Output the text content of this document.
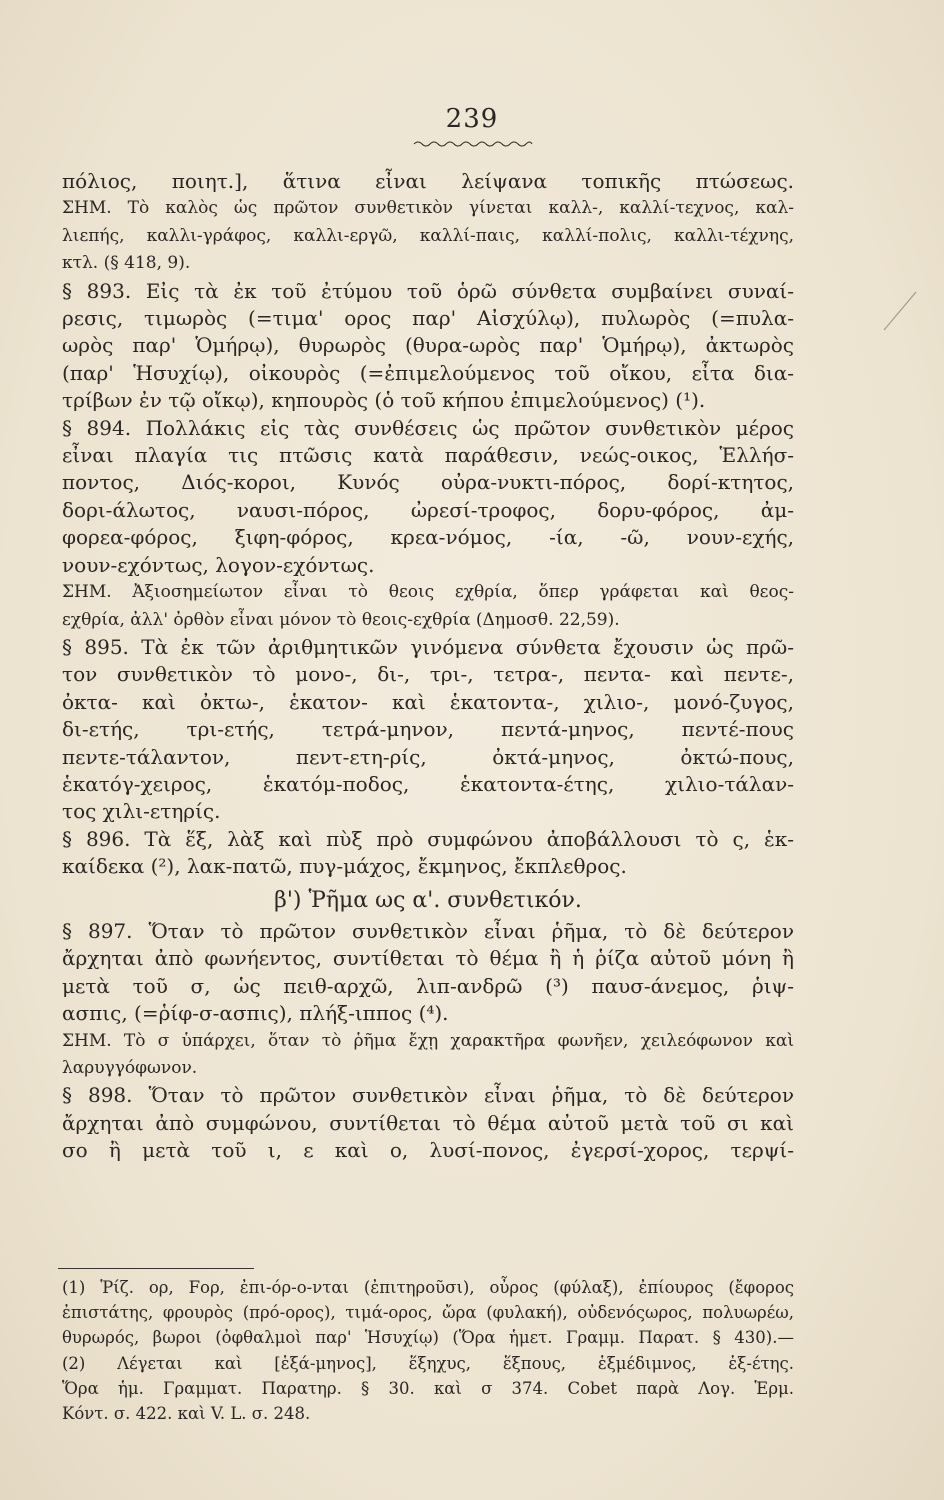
239

πόλιος, ποιητ.], ἅτινα εἶναι λείψανα τοπικῆς πτώσεως.
ΣΗΜ. Τὸ καλὸς ὡς πρῶτον συνθετικὸν γίνεται καλλ-, καλλί-τεχνος, καλ-
λιεπής, καλλι-γράφος, καλλι-εργῶ, καλλί-παις, καλλί-πολις, καλλι-τέχνης,
κτλ. (§ 418, 9).

§ 893. Εἰς τὰ ἐκ τοῦ ἐτύμου τοῦ ὁρῶ σύνθετα συμβαίνει συναί-
ρεσις, τιμωρὸς (=τιμα' ορος παρ' Αἰσχύλῳ), πυλωρὸς (=πυλα-
ωρὸς παρ' Ὁμήρῳ), θυρωρὸς (θυρα-ωρὸς παρ' Ὁμήρῳ), ἀκτωρὸς
(παρ' Ἡσυχίῳ), οἰκουρὸς (=ἐπιμελούμενος τοῦ οἴκου, εἶτα δια-
τρίβων ἐν τῷ οἴκῳ), κηπουρὸς (ὁ τοῦ κήπου ἐπιμελούμενος) (¹).

§ 894. Πολλάκις εἰς τὰς συνθέσεις ὡς πρῶτον συνθετικὸν μέρος
εἶναι πλαγία τις πτῶσις κατὰ παράθεσιν, νεώς-οικος, Ἑλλήσ-
ποντος, Διός-κοροι, Κυνός οὐρα-νυκτι-πόρος, δορί-κτητος,
δορι-άλωτος, ναυσι-πόρος, ὠρεσί-τροφος, δορυ-φόρος, ἀμ-
φορεα-φόρος, ξιφη-φόρος, κρεα-νόμος, -ία, -ῶ, νουν-εχής,
νουν-εχόντως, λογον-εχόντως.

ΣΗΜ. Ἀξιοσημείωτον εἶναι τὸ θεοις εχθρία, ὅπερ γράφεται καὶ θεος-
εχθρία, ἀλλ' ὀρθὸν εἶναι μόνον τὸ θεοις-εχθρία (Δημοσθ. 22,59).

§ 895. Τὰ ἐκ τῶν ἀριθμητικῶν γινόμενα σύνθετα ἔχουσιν ὡς πρῶ-
τον συνθετικὸν τὸ μονο-, δι-, τρι-, τετρα-, πεντα- καὶ πεντε-,
ὀκτα- καὶ ὀκτω-, ἑκατον- καὶ ἑκατοντα-, χιλιο-, μονό-ζυγος,
δι-ετής, τρι-ετής, τετρά-μηνον, πεντά-μηνος, πεντέ-πους
πεντε-τάλαντον, πεντ-ετη-ρίς, ὀκτά-μηνος, ὀκτώ-πους,
ἑκατόγ-χειρος, ἑκατόμ-ποδος, ἑκατοντα-έτης, χιλιο-τάλαν-
τος χιλι-ετηρίς.

§ 896. Τὰ ἕξ, λὰξ καὶ πὺξ πρὸ συμφώνου ἀποβάλλουσι τὸ ς, ἑκ-
καίδεκα (²), λακ-πατῶ, πυγ-μάχος, ἔκμηνος, ἔκπλεθρος.

β') Ῥῆμα ως α'. συνθετικόν.

§ 897. Ὅταν τὸ πρῶτον συνθετικὸν εἶναι ῥῆμα, τὸ δὲ δεύτερον
ἄρχηται ἀπὸ φωνήεντος, συντίθεται τὸ θέμα ἢ ἡ ῥίζα αὐτοῦ μόνη ἢ
μετὰ τοῦ σ, ὡς πειθ-αρχῶ, λιπ-ανδρῶ (³) παυσ-άνεμος, ῥιψ-
ασπις, (=ῥίφ-σ-ασπις), πλήξ-ιππος (⁴).

ΣΗΜ. Τὸ σ ὑπάρχει, ὅταν τὸ ῥῆμα ἔχῃ χαρακτῆρα φωνῆεν, χειλεόφωνον καὶ
λαρυγγόφωνον.

§ 898. Ὅταν τὸ πρῶτον συνθετικὸν εἶναι ῥῆμα, τὸ δὲ δεύτερον
ἄρχηται ἀπὸ συμφώνου, συντίθεται τὸ θέμα αὐτοῦ μετὰ τοῦ σι καὶ
σο ἢ μετὰ τοῦ ι, ε καὶ ο, λυσί-πονος, ἐγερσί-χορος, τερψί-

(1) Ῥίζ. ορ, Fορ, ἐπι-όρ-ο-νται (ἐπιτηροῦσι), οὖρος (φύλαξ), ἐπίουρος (ἔφορος
ἐπιστάτης, φρουρὸς (πρό-ορος), τιμά-ορος, ὤρα (φυλακή), οὐδενόςωρος, πολυωρέω,
θυρωρός, βωροι (ὀφθαλμοὶ παρ' Ἡσυχίῳ) (Ὅρα ἡμετ. Γραμμ. Παρατ. § 430).—
(2) Λέγεται καὶ [ἑξά-μηνος], ἕξηχυς, ἕξπους, ἑξμέδιμνος, ἑξ-έτης.
Ὅρα ἡμ. Γραμματ. Παρατηρ. § 30. καὶ σ 374. Cobet παρὰ Λογ. Ἑρμ.
Κόντ. σ. 422. καὶ V. L. σ. 248.
